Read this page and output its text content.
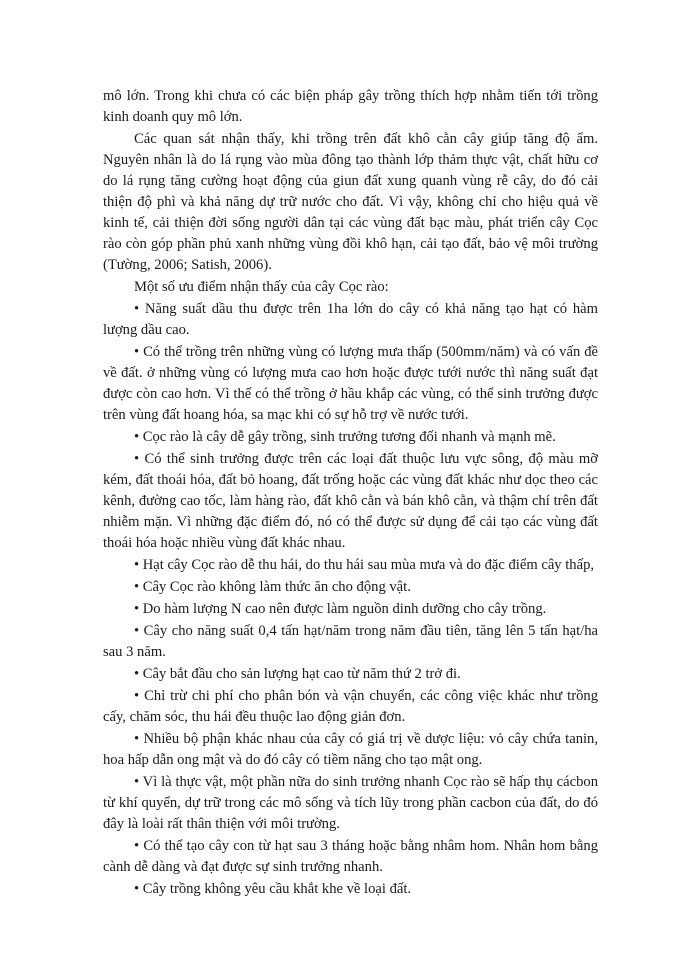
mô lớn. Trong khi chưa có các biện pháp gây trồng thích hợp nhằm tiến tới trồng kinh doanh quy mô lớn.

Các quan sát nhận thấy, khi trồng trên đất khô cằn cây giúp tăng độ ẩm. Nguyên nhân là do lá rụng vào mùa đông tạo thành lớp thảm thực vật, chất hữu cơ do lá rụng tăng cường hoạt động của giun đất xung quanh vùng rễ cây, do đó cải thiện độ phì và khả năng dự trữ nước cho đất. Vì vậy, không chỉ cho hiệu quả về kinh tế, cải thiện đời sống người dân tại các vùng đất bạc màu, phát triển cây Cọc rào còn góp phần phủ xanh những vùng đồi khô hạn, cải tạo đất, bảo vệ môi trường (Tường, 2006; Satish, 2006).

Một số ưu điểm nhận thấy của cây Cọc rào:

• Năng suất dầu thu được trên 1ha lớn do cây có khả năng tạo hạt có hàm lượng dầu cao.

• Có thể trồng trên những vùng có lượng mưa thấp (500mm/năm) và có vấn đề về đất. ở những vùng có lượng mưa cao hơn hoặc được tưới nước thì năng suất đạt được còn cao hơn. Vì thế có thể trồng ở hầu khắp các vùng, có thể sinh trưởng được trên vùng đất hoang hóa, sa mạc khi có sự hỗ trợ về nước tưới.

• Cọc rào là cây dễ gây trồng, sinh trưởng tương đối nhanh và mạnh mẽ.

• Có thể sinh trưởng được trên các loại đất thuộc lưu vực sông, độ màu mỡ kém, đất thoái hóa, đất bỏ hoang, đất trống hoặc các vùng đất khác như dọc theo các kênh, đường cao tốc, làm hàng rào, đất khô cằn và bán khô cằn, và thậm chí trên đất nhiễm mặn. Vì những đặc điểm đó, nó có thể được sử dụng để cải tạo các vùng đất thoái hóa hoặc nhiều vùng đất khác nhau.

• Hạt cây Cọc rào dễ thu hái, do thu hái sau mùa mưa và do đặc điểm cây thấp,

• Cây Cọc rào không làm thức ăn cho động vật.

• Do hàm lượng N cao nên được làm nguồn dinh dưỡng cho cây trồng.

• Cây cho năng suất 0,4 tấn hạt/năm trong năm đầu tiên, tăng lên 5 tấn hạt/ha sau 3 năm.

• Cây bắt đầu cho sản lượng hạt cao từ năm thứ 2 trở đi.

• Chỉ trừ chi phí cho phân bón và vận chuyển, các công việc khác như trồng cấy, chăm sóc, thu hái đều thuộc lao động giản đơn.

• Nhiều bộ phận khác nhau của cây có giá trị về dược liệu: vỏ cây chứa tanin, hoa hấp dẫn ong mật và do đó cây có tiềm năng cho tạo mật ong.

• Vì là thực vật, một phần nữa do sinh trưởng nhanh Cọc rào sẽ hấp thụ cácbon từ khí quyển, dự trữ trong các mô sống và tích lũy trong phần cacbon của đất, do đó đây là loài rất thân thiện với môi trường.

• Có thể tạo cây con từ hạt sau 3 tháng hoặc bằng nhâm hom. Nhân hom bằng cành dễ dàng và đạt được sự sinh trưởng nhanh.

• Cây trồng không yêu cầu khắt khe về loại đất.
